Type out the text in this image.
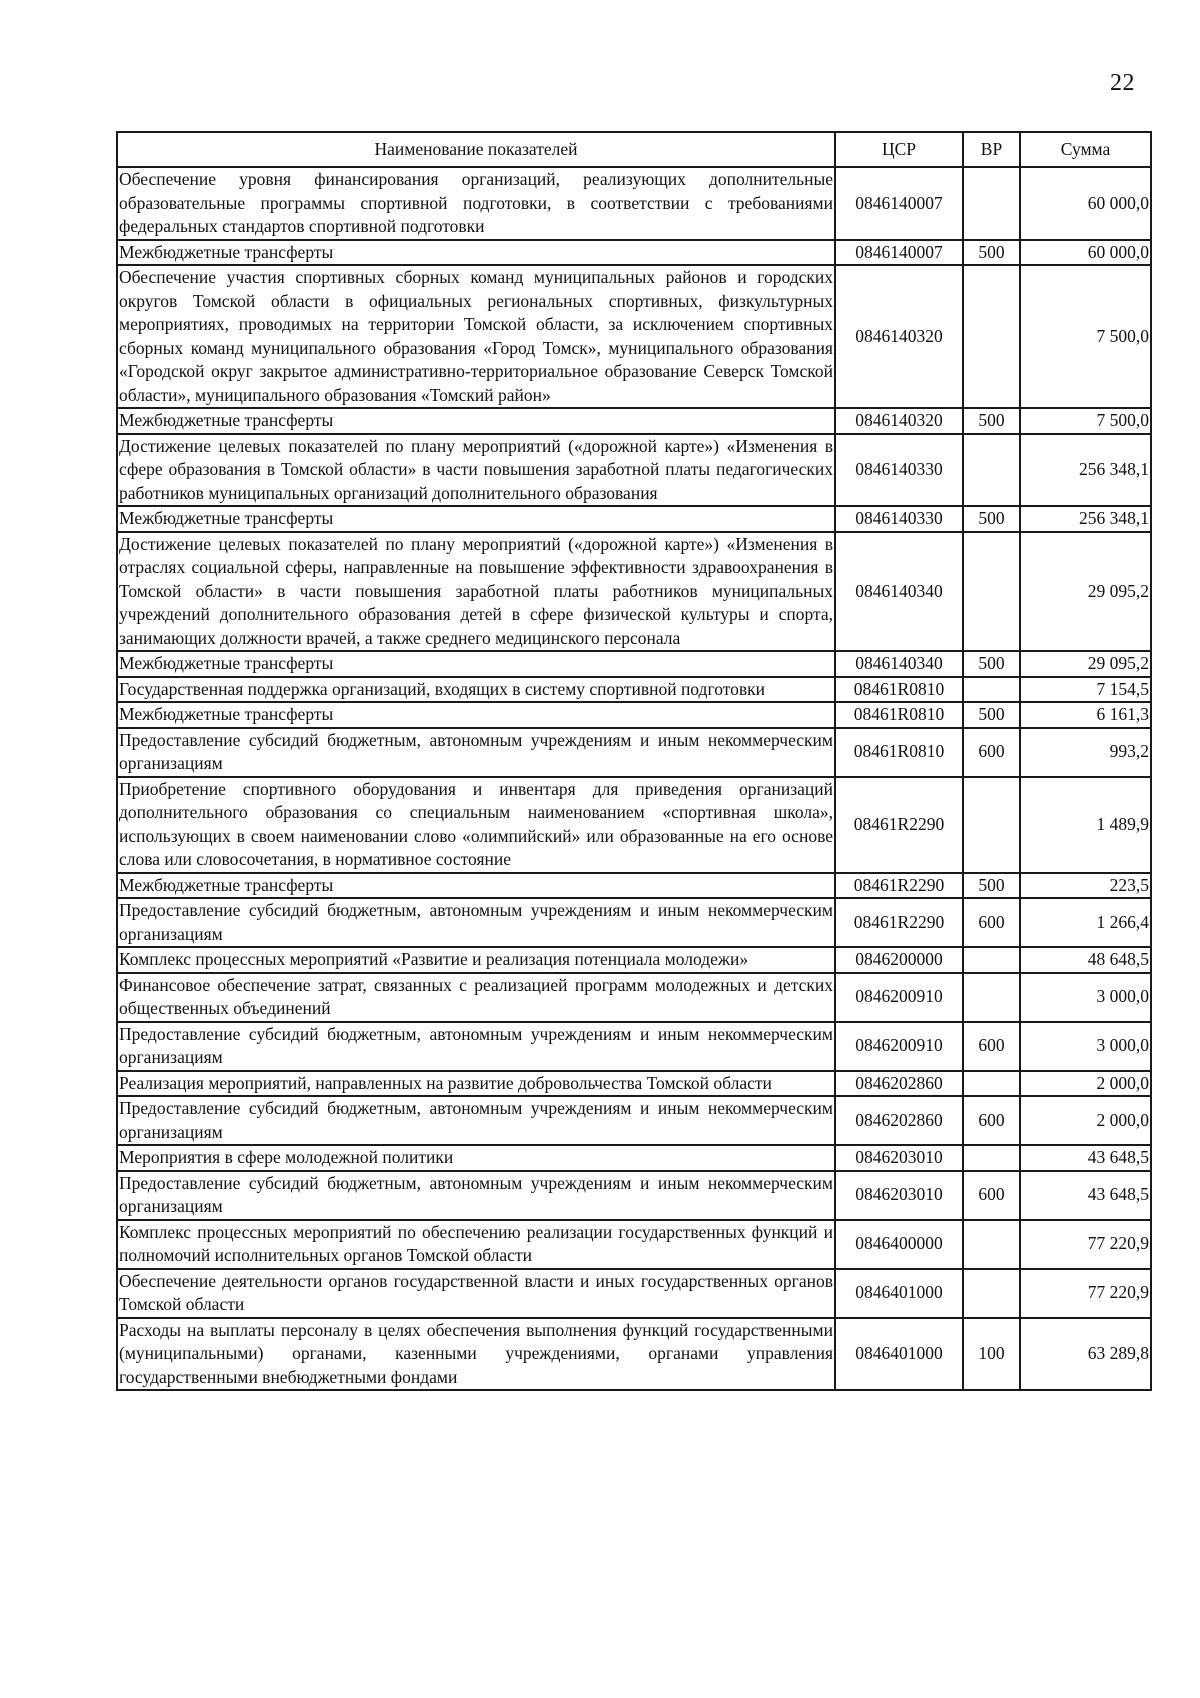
22
Наименование показателей	ЦСР	ВР	Сумма
Обеспечение уровня финансирования организаций, реализующих дополнительные образовательные программы спортивной подготовки, в соответствии с требованиями федеральных стандартов спортивной подготовки	0846140007		60 000,0
Межбюджетные трансферты	0846140007	500	60 000,0
Обеспечение участия спортивных сборных команд муниципальных районов и городских округов Томской области в официальных региональных спортивных, физкультурных мероприятиях, проводимых на территории Томской области, за исключением спортивных сборных команд муниципального образования «Город Томск», муниципального образования «Городской округ закрытое административно-территориальное образование Северск Томской области», муниципального образования «Томский район»	0846140320		7 500,0
Межбюджетные трансферты	0846140320	500	7 500,0
Достижение целевых показателей по плану мероприятий («дорожной карте») «Изменения в сфере образования в Томской области» в части повышения заработной платы педагогических работников муниципальных организаций дополнительного образования	0846140330		256 348,1
Межбюджетные трансферты	0846140330	500	256 348,1
Достижение целевых показателей по плану мероприятий («дорожной карте») «Изменения в отраслях социальной сферы, направленные на повышение эффективности здравоохранения в Томской области» в части повышения заработной платы работников муниципальных учреждений дополнительного образования детей в сфере физической культуры и спорта, занимающих должности врачей, а также среднего медицинского персонала	0846140340		29 095,2
Межбюджетные трансферты	0846140340	500	29 095,2
Государственная поддержка организаций, входящих в систему спортивной подготовки	08461R0810		7 154,5
Межбюджетные трансферты	08461R0810	500	6 161,3
Предоставление субсидий бюджетным, автономным учреждениям и иным некоммерческим организациям	08461R0810	600	993,2
Приобретение спортивного оборудования и инвентаря для приведения организаций дополнительного образования со специальным наименованием «спортивная школа», использующих в своем наименовании слово «олимпийский» или образованные на его основе слова или словосочетания, в нормативное состояние	08461R2290		1 489,9
Межбюджетные трансферты	08461R2290	500	223,5
Предоставление субсидий бюджетным, автономным учреждениям и иным некоммерческим организациям	08461R2290	600	1 266,4
Комплекс процессных мероприятий «Развитие и реализация потенциала молодежи»	0846200000		48 648,5
Финансовое обеспечение затрат, связанных с реализацией программ молодежных и детских общественных объединений	0846200910		3 000,0
Предоставление субсидий бюджетным, автономным учреждениям и иным некоммерческим организациям	0846200910	600	3 000,0
Реализация мероприятий, направленных на развитие добровольчества Томской области	0846202860		2 000,0
Предоставление субсидий бюджетным, автономным учреждениям и иным некоммерческим организациям	0846202860	600	2 000,0
Мероприятия в сфере молодежной политики	0846203010		43 648,5
Предоставление субсидий бюджетным, автономным учреждениям и иным некоммерческим организациям	0846203010	600	43 648,5
Комплекс процессных мероприятий по обеспечению реализации государственных функций и полномочий исполнительных органов Томской области	0846400000		77 220,9
Обеспечение деятельности органов государственной власти и иных государственных органов Томской области	0846401000		77 220,9
Расходы на выплаты персоналу в целях обеспечения выполнения функций государственными (муниципальными) органами, казенными учреждениями, органами управления государственными внебюджетными фондами	0846401000	100	63 289,8
